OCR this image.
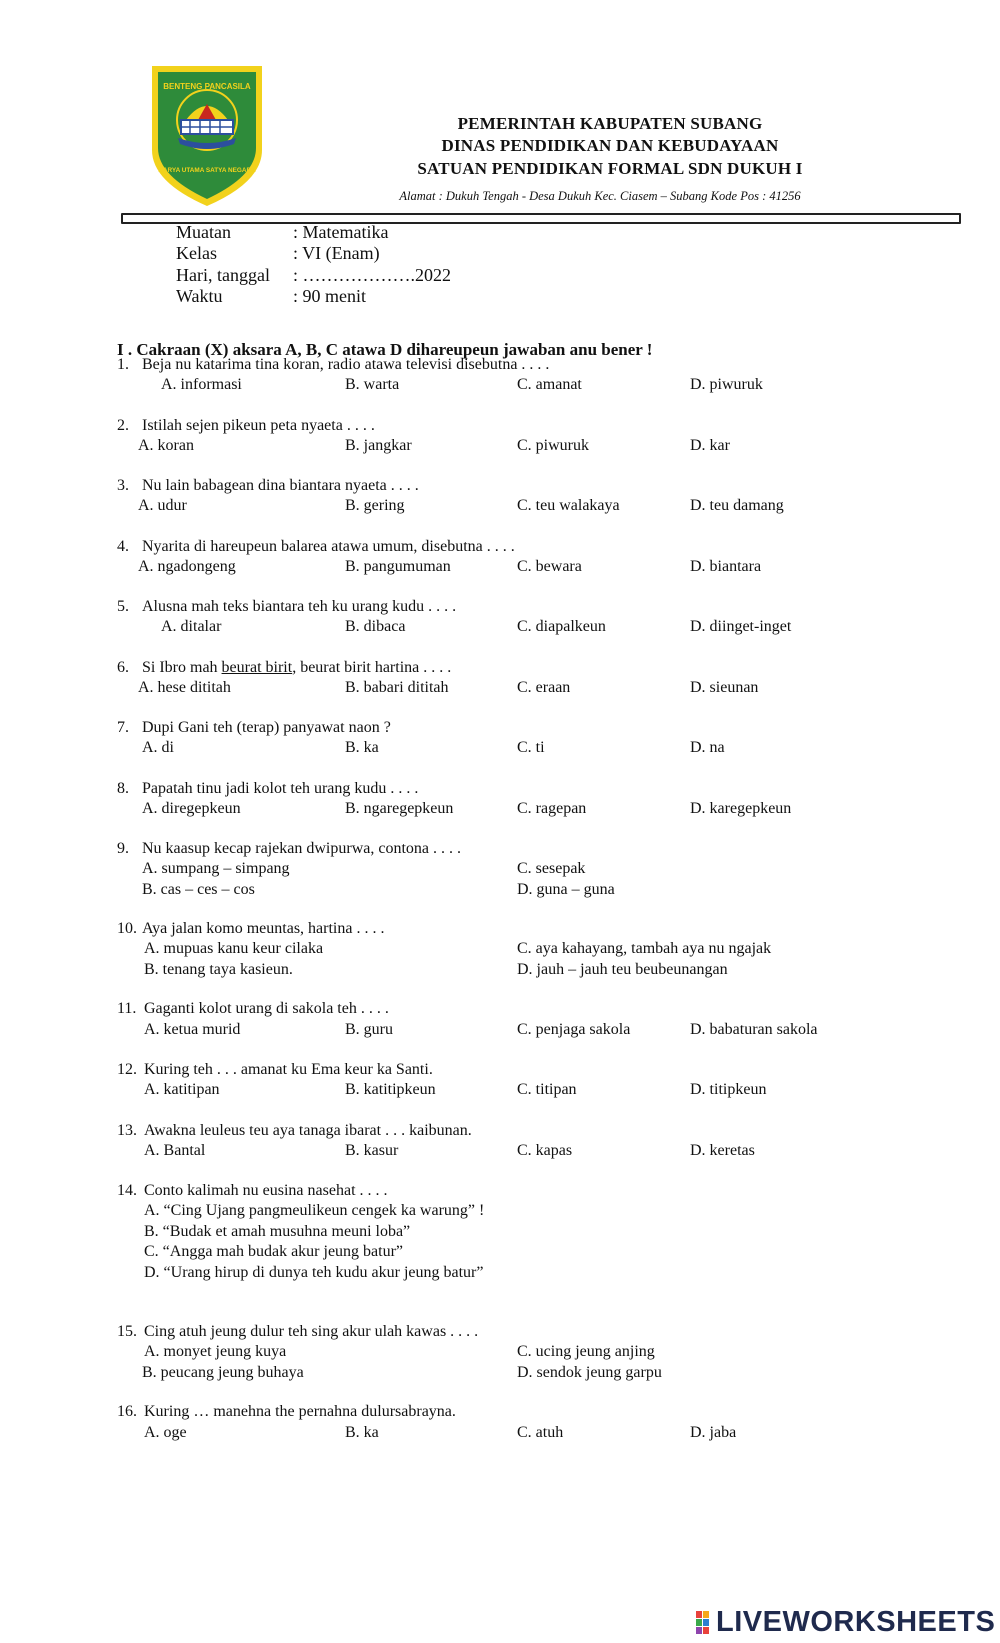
BENTENG PANCASILA
KARYA UTAMA SATYA NEGARA
PEMERINTAH KABUPATEN SUBANG
DINAS PENDIDIKAN DAN KEBUDAYAAN
SATUAN PENDIDIKAN FORMAL SDN DUKUH I
Alamat : Dukuh Tengah - Desa Dukuh Kec. Ciasem – Subang Kode Pos : 41256
Muatan	: Matematika
Kelas	: VI (Enam)
Hari, tanggal : ……………….2022
Waktu	: 90 menit
I . Cakraan (X) aksara A, B, C atawa D dihareupeun jawaban anu bener !
1. Beja nu katarima tina koran, radio atawa televisi disebutna . . . .
A. informasi	B. warta	C. amanat	D. piwuruk
2. Istilah sejen pikeun peta nyaeta . . . .
A. koran	B. jangkar	C. piwuruk	D. kar
3. Nu lain babagean dina biantara nyaeta . . . .
A. udur	B. gering	C. teu walakaya	D. teu damang
4. Nyarita di hareupeun balarea atawa umum, disebutna . . . .
A. ngadongeng	B. pangumuman	C. bewara	D. biantara
5. Alusna mah teks biantara teh ku urang kudu . . . .
A. ditalar	B. dibaca	C. diapalkeun	D. diinget-inget
6. Si Ibro mah beurat birit, beurat birit hartina . . . .
A. hese dititah	B. babari dititah	C. eraan	D. sieunan
7. Dupi Gani teh (terap) panyawat naon ?
A. di	B. ka	C. ti	D. na
8. Papatah tinu jadi kolot teh urang kudu . . . .
A. diregepkeun	B. ngaregepkeun	C. ragepan	D. karegepkeun
9. Nu kaasup kecap rajekan dwipurwa, contona . . . .
A. sumpang – simpang	C. sesepak
B. cas – ces – cos	D. guna – guna
10. Aya jalan komo meuntas, hartina . . . .
A. mupuas kanu keur cilaka	C. aya kahayang, tambah aya nu ngajak
B. tenang taya kasieun.	D. jauh – jauh teu beubeunangan
11. Gaganti kolot urang di sakola teh . . . .
A. ketua murid	B. guru	C. penjaga sakola	D. babaturan sakola
12. Kuring teh . . . amanat ku Ema keur ka Santi.
A. katitipan	B. katitipkeun	C. titipan	D. titipkeun
13. Awakna leuleus teu aya tanaga ibarat . . . kaibunan.
A. Bantal	B. kasur	C. kapas	D. keretas
14. Conto kalimah nu eusina nasehat . . . .
A. “Cing Ujang pangmeulikeun cengek ka warung” !
B. “Budak et amah musuhna meuni loba”
C. “Angga mah budak akur jeung batur”
D. “Urang hirup di dunya teh kudu akur jeung batur”
15. Cing atuh jeung dulur teh sing akur ulah kawas . . . .
A. monyet jeung kuya	C. ucing jeung anjing
B. peucang jeung buhaya	D. sendok jeung garpu
16. Kuring … manehna the pernahna dulursabrayna.
A. oge	B. ka	C. atuh	D. jaba
LIVEWORKSHEETS
